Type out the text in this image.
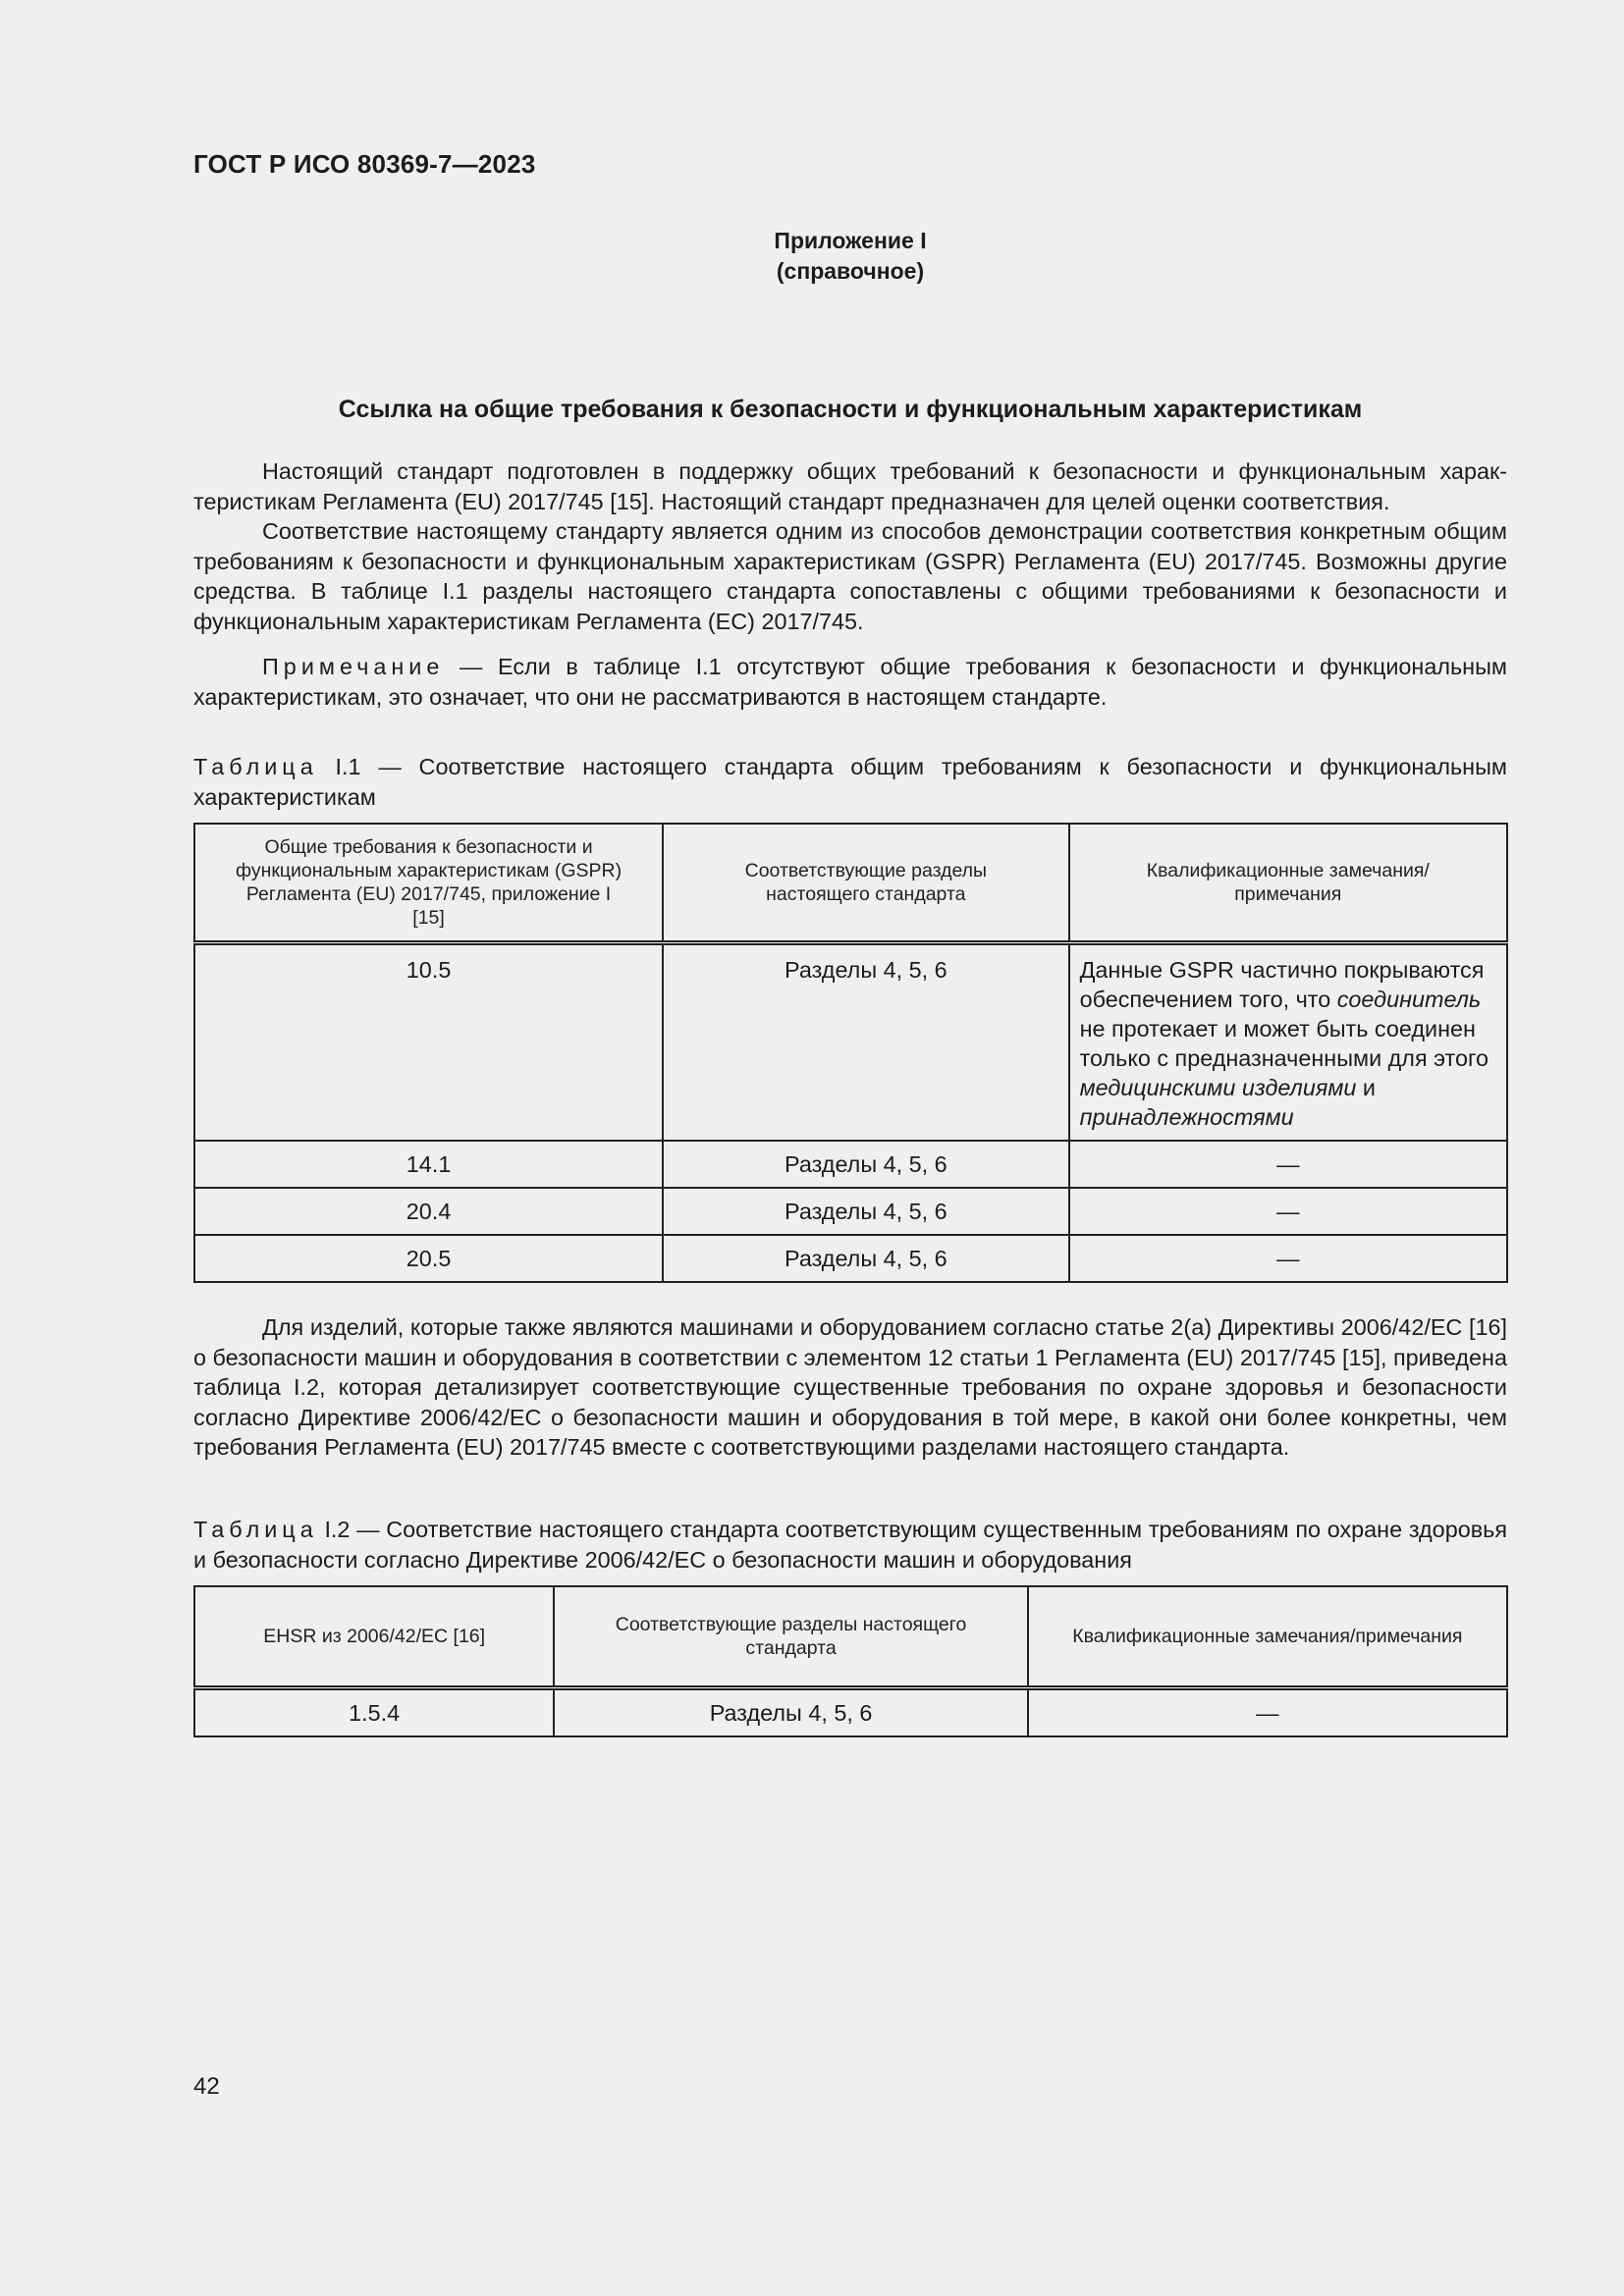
ГОСТ Р ИСО 80369-7—2023
Приложение I
(справочное)
Ссылка на общие требования к безопасности и функциональным характеристикам

Настоящий стандарт подготовлен в поддержку общих требований к безопасности и функциональным характеристикам Регламента (EU) 2017/745 [15]. Настоящий стандарт предназначен для целей оценки соответствия.

Соответствие настоящему стандарту является одним из способов демонстрации соответствия конкретным общим требованиям к безопасности и функциональным характеристикам (GSPR) Регламента (EU) 2017/745. Возможны другие средства. В таблице I.1 разделы настоящего стандарта сопоставлены с общими требованиями к безопасности и функциональным характеристикам Регламента (ЕС) 2017/745.

Примечание — Если в таблице I.1 отсутствуют общие требования к безопасности и функциональным характеристикам, это означает, что они не рассматриваются в настоящем стандарте.

Таблица I.1 — Соответствие настоящего стандарта общим требованиям к безопасности и функциональным характеристикам

Общие требования к безопасности и функциональным характеристикам (GSPR) Регламента (EU) 2017/745, приложение I [15]	Соответствующие разделы настоящего стандарта	Квалификационные замечания/ примечания
10.5	Разделы 4, 5, 6	Данные GSPR частично покрываются обеспечением того, что соединитель не протекает и может быть соединен только с предназначенными для этого медицинскими изделиями и принадлежностями
14.1	Разделы 4, 5, 6	—
20.4	Разделы 4, 5, 6	—
20.5	Разделы 4, 5, 6	—

Для изделий, которые также являются машинами и оборудованием согласно статье 2(a) Директивы 2006/42/ЕС [16] о безопасности машин и оборудования в соответствии с элементом 12 статьи 1 Регламента (EU) 2017/745 [15], приведена таблица I.2, которая детализирует соответствующие существенные требования по охране здоровья и безопасности согласно Директиве 2006/42/ЕС о безопасности машин и оборудования в той мере, в какой они более конкретны, чем требования Регламента (EU) 2017/745 вместе с соответствующими разделами настоящего стандарта.

Таблица I.2 — Соответствие настоящего стандарта соответствующим существенным требованиям по охране здоровья и безопасности согласно Директиве 2006/42/ЕС о безопасности машин и оборудования

EHSR из 2006/42/ЕС [16]	Соответствующие разделы настоящего стандарта	Квалификационные замечания/примечания
1.5.4	Разделы 4, 5, 6	—
42
